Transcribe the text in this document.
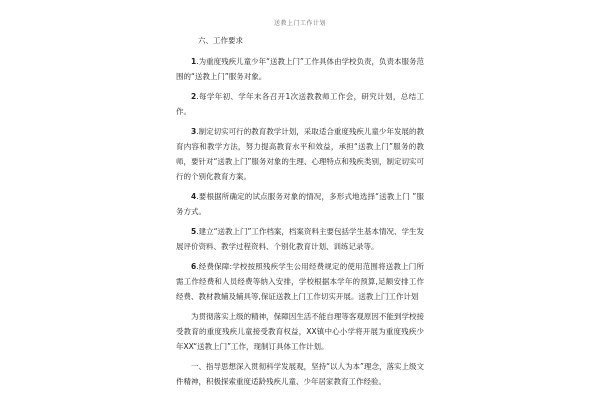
送教上门工作计划
六、工作要求

1.为重度残疾儿童少年“送教上门”工作具体由学校负责，负责本服务范围的“送教上门”服务对象。

2.每学年初、学年末各召开1次送教教师工作会，研究计划，总结工作。

3.制定切实可行的教育教学计划，采取适合重度残疾儿童少年发展的教育内容和教学方法，努力提高教育水平和效益，承担“送教上门”服务的教师，要针对“送教上门”服务对象的生理、心理特点和残疾类别，制定切实可行的个别化教育方案。

4.要根据所确定的试点服务对象的情况，多形式地选择“送教上门 ”服务方式。

5.建立“送教上门”工作档案，档案资料主要包括学生基本情况、学生发展评价资料、教学过程资料、个别化教育计划、训练记录等。

6.经费保障:学校按照残疾学生公用经费规定的使用范围将送教上门所需工作经费和人员经费等纳入安排，学校根据本学年的预算,足额安排工作经费、教材教辅及辅具等,保证送教上门工作切实开展。送教上门工作计划

为贯彻落实上级的精神，保障因生活不能自理等客观原因不能到学校接受教育的重度残疾儿童接受教育权益，XX镇中心小学将开展为重度残疾少年XX“送教上门”工作，现制订具体工作计划。

一、指导思想深入贯彻科学发展观，坚持“以人为本”理念，落实上级文件精神，积极探索重度适龄残疾儿童、少年居家教育工作经验。
